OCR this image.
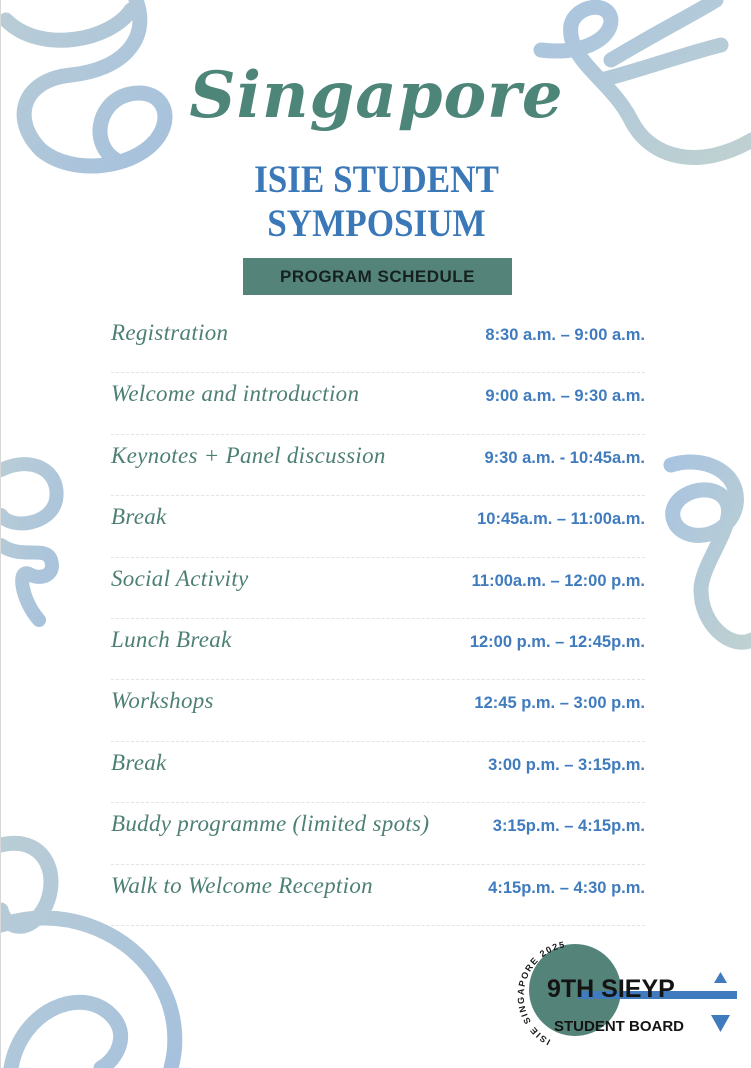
Singapore
ISIE STUDENT
SYMPOSIUM
PROGRAM SCHEDULE
Registration	8:30 a.m. – 9:00 a.m.
Welcome and introduction	9:00 a.m. – 9:30 a.m.
Keynotes + Panel discussion	9:30 a.m. - 10:45a.m.
Break	10:45a.m. – 11:00a.m.
Social Activity	11:00a.m. – 12:00 p.m.
Lunch Break	12:00 p.m. – 12:45p.m.
Workshops	12:45 p.m. – 3:00 p.m.
Break	3:00 p.m. – 3:15p.m.
Buddy programme (limited spots)	3:15p.m. – 4:15p.m.
Walk to Welcome Reception	4:15p.m. – 4:30 p.m.
ISIE SINGAPORE 2025
9TH SIEYP
STUDENT BOARD
